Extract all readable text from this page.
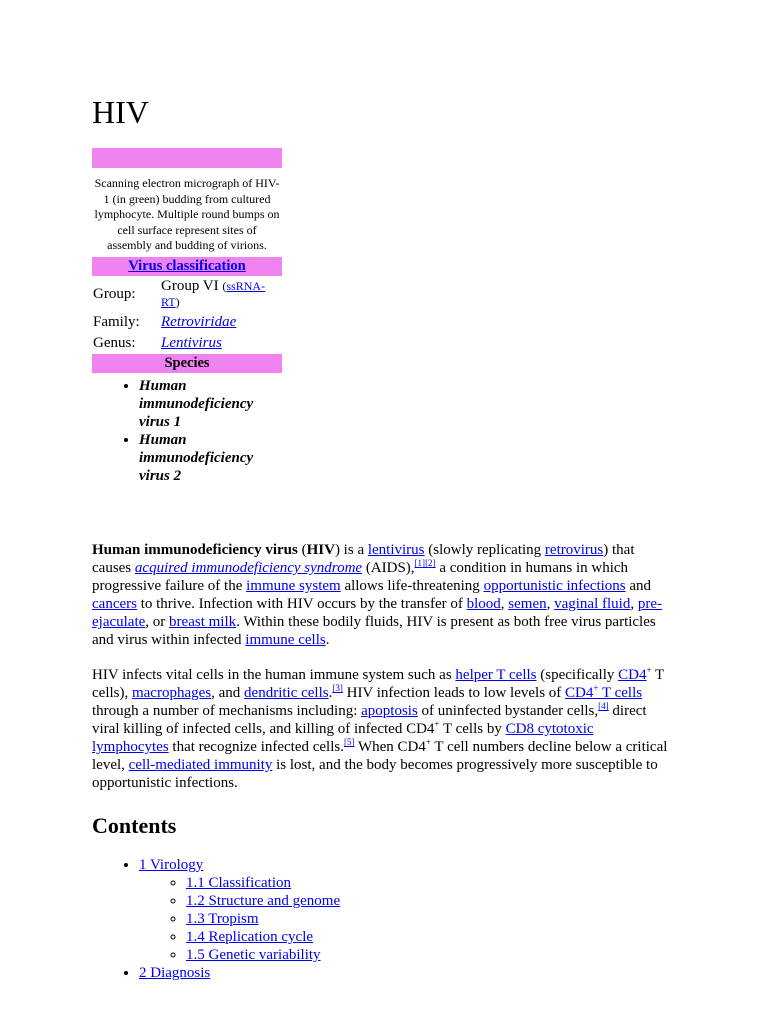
HIV
Scanning electron micrograph of HIV-1 (in green) budding from cultured lymphocyte. Multiple round bumps on cell surface represent sites of assembly and budding of virions.
Virus classification
Group:	Group VI (ssRNA-RT)
Family:	Retroviridae
Genus:	Lentivirus
Species
• Human immunodeficiency virus 1
• Human immunodeficiency virus 2

Human immunodeficiency virus (HIV) is a lentivirus (slowly replicating retrovirus) that causes acquired immunodeficiency syndrome (AIDS),[1][2] a condition in humans in which progressive failure of the immune system allows life-threatening opportunistic infections and cancers to thrive. Infection with HIV occurs by the transfer of blood, semen, vaginal fluid, pre-ejaculate, or breast milk. Within these bodily fluids, HIV is present as both free virus particles and virus within infected immune cells.

HIV infects vital cells in the human immune system such as helper T cells (specifically CD4+ T cells), macrophages, and dendritic cells.[3] HIV infection leads to low levels of CD4+ T cells through a number of mechanisms including: apoptosis of uninfected bystander cells,[4] direct viral killing of infected cells, and killing of infected CD4+ T cells by CD8 cytotoxic lymphocytes that recognize infected cells.[5] When CD4+ T cell numbers decline below a critical level, cell-mediated immunity is lost, and the body becomes progressively more susceptible to opportunistic infections.

Contents
• 1 Virology
◦ 1.1 Classification
◦ 1.2 Structure and genome
◦ 1.3 Tropism
◦ 1.4 Replication cycle
◦ 1.5 Genetic variability
• 2 Diagnosis
